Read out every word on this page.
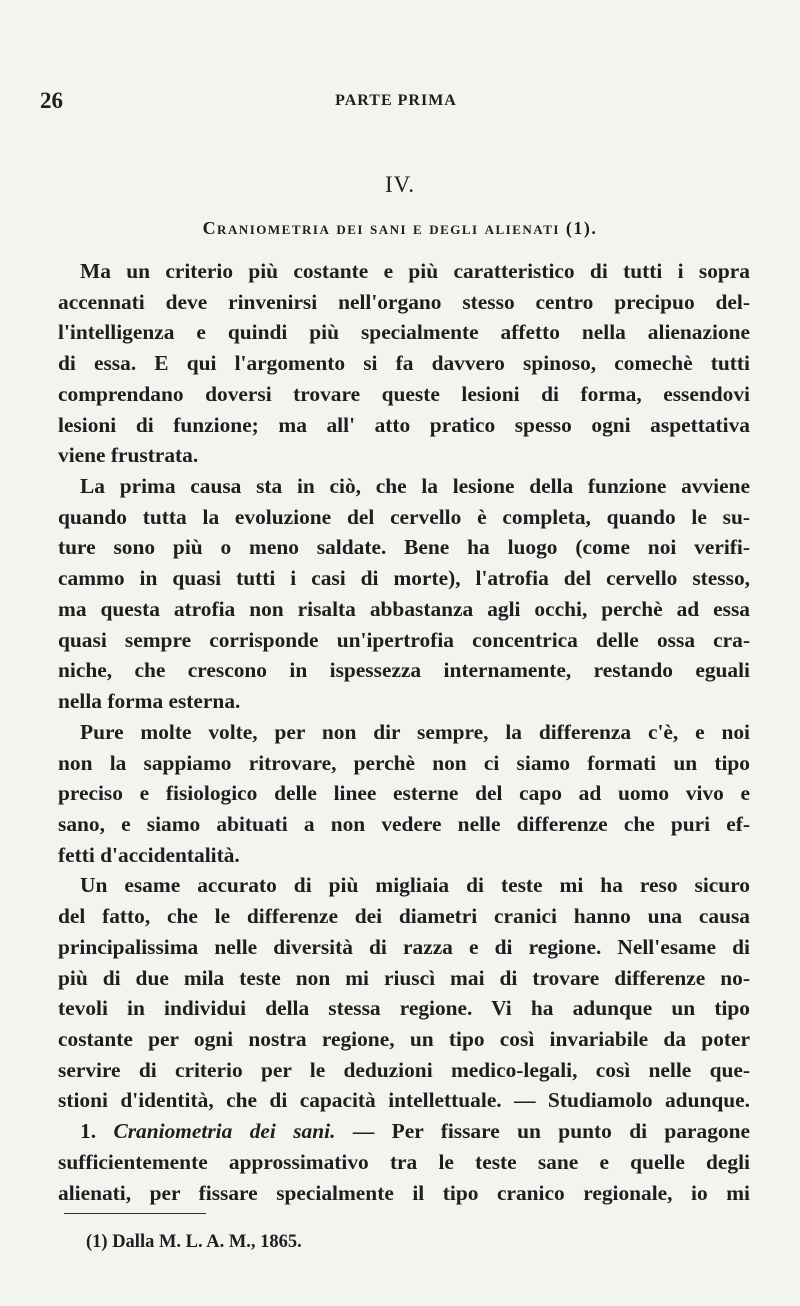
26	PARTE PRIMA
IV.
Craniometria dei sani e degli alienati (1).
Ma un criterio più costante e più caratteristico di tutti i sopra
accennati deve rinvenirsi nell'organo stesso centro precipuo del-
l'intelligenza e quindi più specialmente affetto nella alienazione
di essa. E qui l'argomento si fa davvero spinoso, comechè tutti
comprendano doversi trovare queste lesioni di forma, essendovi
lesioni di funzione; ma all' atto pratico spesso ogni aspettativa
viene frustrata.
La prima causa sta in ciò, che la lesione della funzione avviene
quando tutta la evoluzione del cervello è completa, quando le su-
ture sono più o meno saldate. Bene ha luogo (come noi verifi-
cammo in quasi tutti i casi di morte), l'atrofia del cervello stesso,
ma questa atrofia non risalta abbastanza agli occhi, perchè ad essa
quasi sempre corrisponde un'ipertrofia concentrica delle ossa cra-
niche, che crescono in ispessezza internamente, restando eguali
nella forma esterna.
Pure molte volte, per non dir sempre, la differenza c'è, e noi
non la sappiamo ritrovare, perchè non ci siamo formati un tipo
preciso e fisiologico delle linee esterne del capo ad uomo vivo e
sano, e siamo abituati a non vedere nelle differenze che puri ef-
fetti d'accidentalità.
Un esame accurato di più migliaia di teste mi ha reso sicuro
del fatto, che le differenze dei diametri cranici hanno una causa
principalissima nelle diversità di razza e di regione. Nell'esame di
più di due mila teste non mi riuscì mai di trovare differenze no-
tevoli in individui della stessa regione. Vi ha adunque un tipo
costante per ogni nostra regione, un tipo così invariabile da poter
servire di criterio per le deduzioni medico-legali, così nelle que-
stioni d'identità, che di capacità intellettuale. — Studiamolo adunque.
1. Craniometria dei sani. — Per fissare un punto di paragone
sufficientemente approssimativo tra le teste sane e quelle degli
alienati, per fissare specialmente il tipo cranico regionale, io mi
(1) Dalla M. L. A. M., 1865.
